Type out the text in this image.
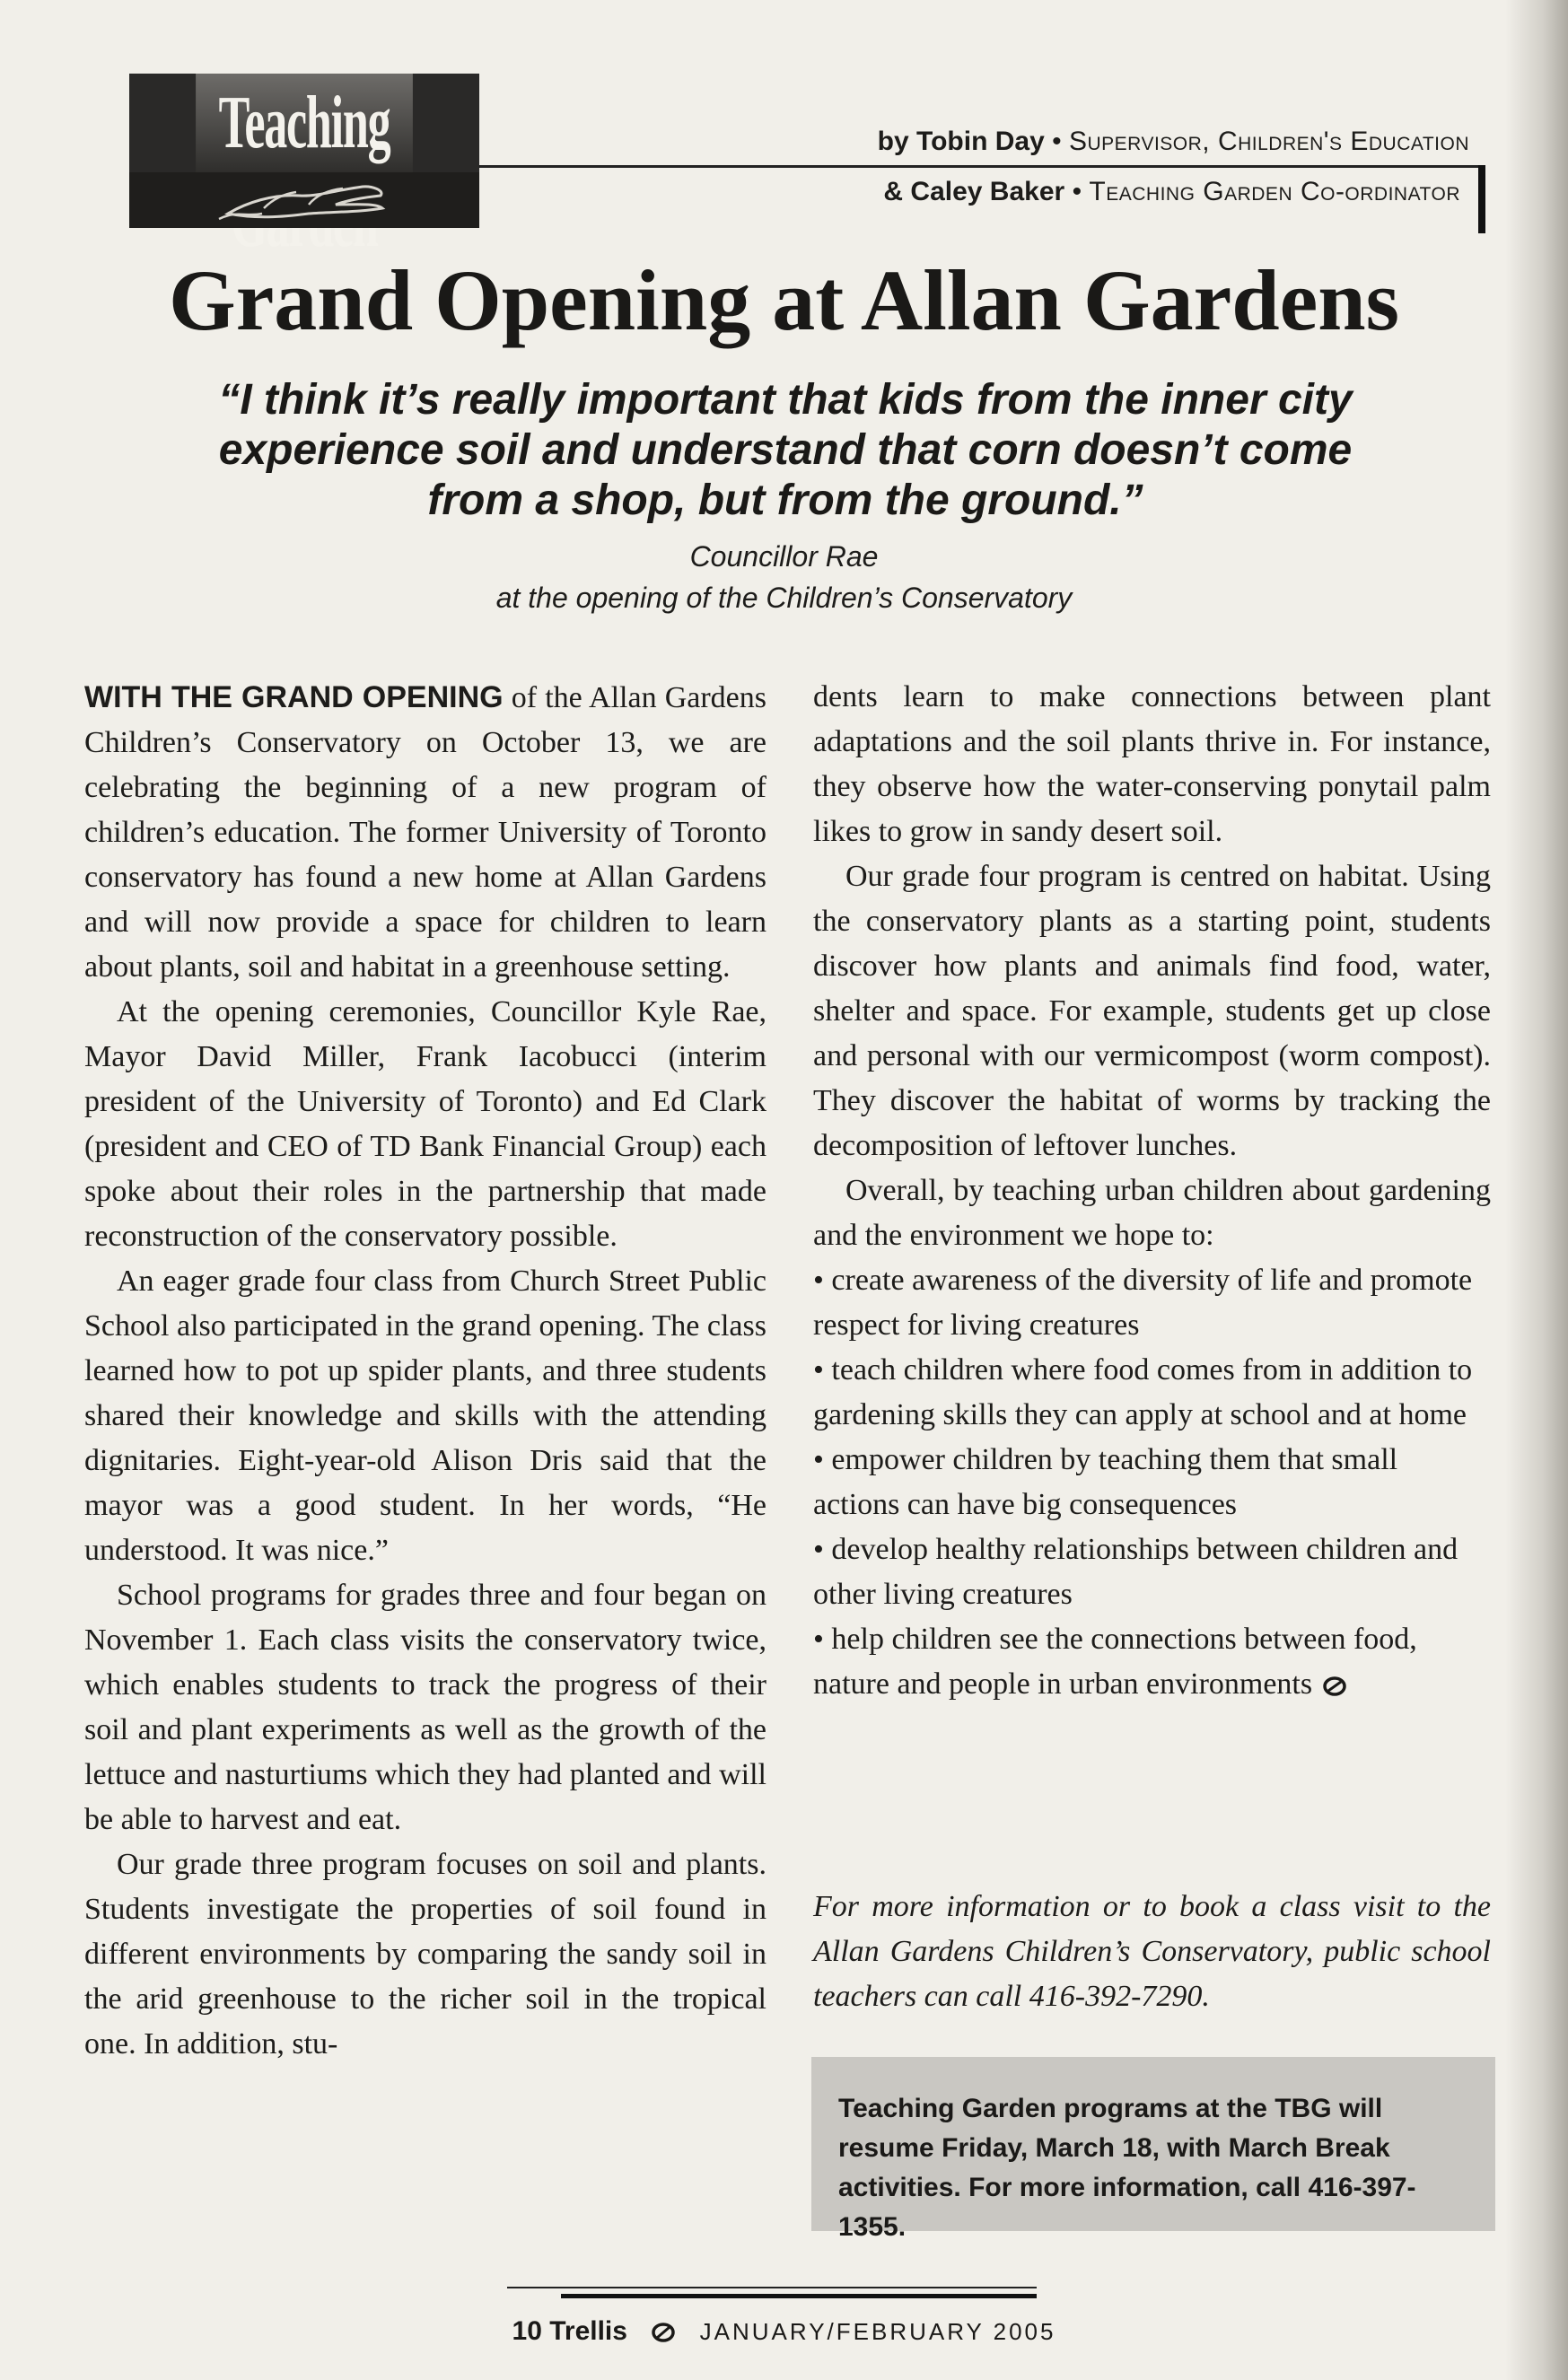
Teaching	by Tobin Day • Supervisor, Children's Education
& Caley Baker • Teaching Garden Co-ordinator
Grand Opening at Allan Gardens
“I think it’s really important that kids from the inner city experience soil and understand that corn doesn’t come from a shop, but from the ground.”
Councillor Rae
at the opening of the Children’s Conservatory

WITH THE GRAND OPENING of the Allan Gardens Children’s Conservatory on October 13, we are celebrating the beginning of a new program of children’s education. The former University of Toronto conservatory has found a new home at Allan Gardens and will now provide a space for children to learn about plants, soil and habitat in a greenhouse setting.

At the opening ceremonies, Councillor Kyle Rae, Mayor David Miller, Frank Iacobucci (interim president of the University of Toronto) and Ed Clark (president and CEO of TD Bank Financial Group) each spoke about their roles in the partnership that made reconstruction of the conservatory possible.

An eager grade four class from Church Street Public School also participated in the grand opening. The class learned how to pot up spider plants, and three students shared their knowledge and skills with the attending dignitaries. Eight-year-old Alison Dris said that the mayor was a good student. In her words, “He understood. It was nice.”

School programs for grades three and four began on November 1. Each class visits the conservatory twice, which enables students to track the progress of their soil and plant experiments as well as the growth of the lettuce and nasturtiums which they had planted and will be able to harvest and eat.

Our grade three program focuses on soil and plants. Students investigate the properties of soil found in different environments by comparing the sandy soil in the arid greenhouse to the richer soil in the tropical one. In addition, stu-

dents learn to make connections between plant adaptations and the soil plants thrive in. For instance, they observe how the water-conserving ponytail palm likes to grow in sandy desert soil.

Our grade four program is centred on habitat. Using the conservatory plants as a starting point, students discover how plants and animals find food, water, shelter and space. For example, students get up close and personal with our vermicompost (worm compost). They discover the habitat of worms by tracking the decomposition of leftover lunches.

Overall, by teaching urban children about gardening and the environment we hope to:

• create awareness of the diversity of life and promote respect for living creatures

• teach children where food comes from in addition to gardening skills they can apply at school and at home

• empower children by teaching them that small actions can have big consequences

• develop healthy relationships between children and other living creatures

• help children see the connections between food, nature and people in urban environments

For more information or to book a class visit to the Allan Gardens Children’s Conservatory, public school teachers can call 416-392-7290.
Teaching Garden programs at the TBG will resume Friday, March 18, with March Break activities. For more information, call 416-397-1355.
10 Trellis	JANUARY/FEBRUARY 2005
